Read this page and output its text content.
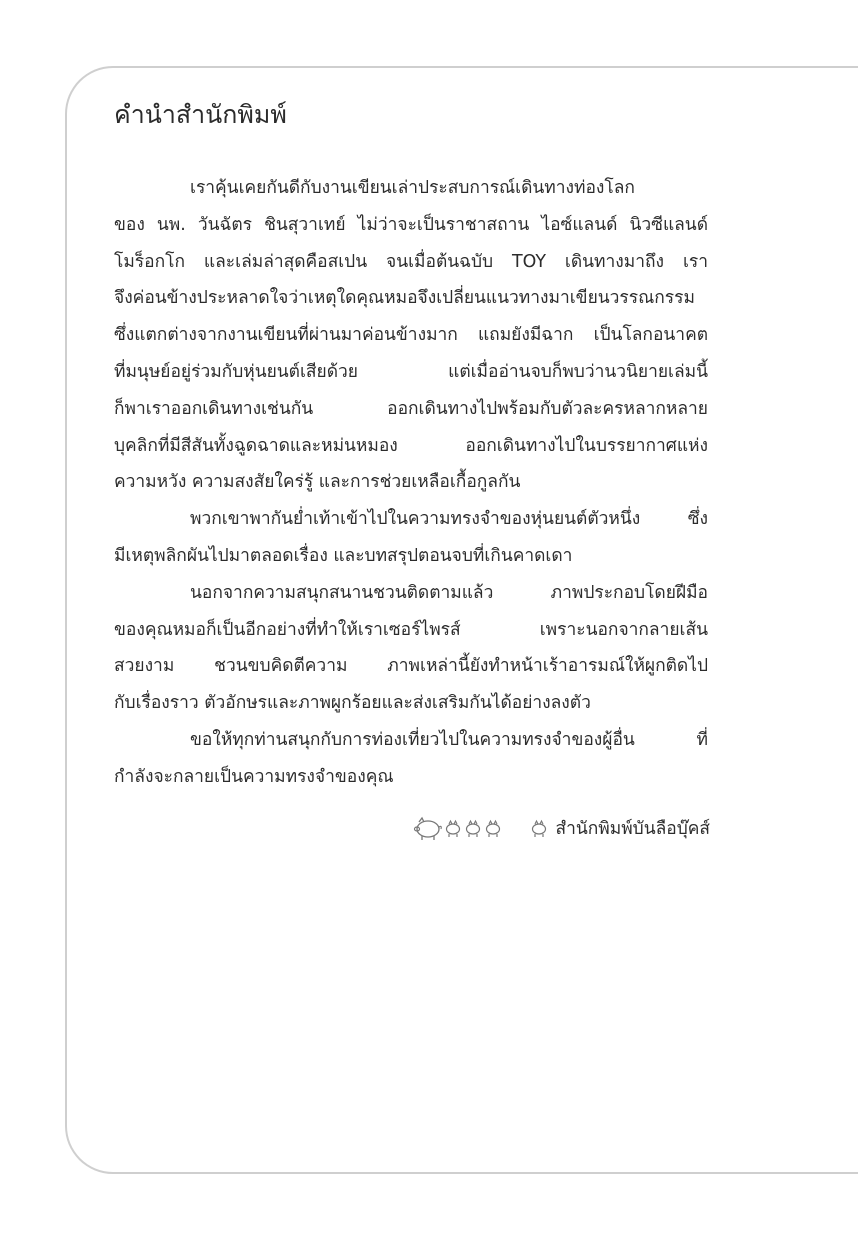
คำนำสำนักพิมพ์
เราคุ้นเคยกันดีกับงานเขียนเล่าประสบการณ์เดินทางท่องโลก
ของ นพ. วันฉัตร ชินสุวาเทย์ ไม่ว่าจะเป็นราชาสถาน ไอซ์แลนด์ นิวซีแลนด์
โมร็อกโก และเล่มล่าสุดคือสเปน จนเมื่อต้นฉบับ TOY เดินทางมาถึง เรา
จึงค่อนข้างประหลาดใจว่าเหตุใดคุณหมอจึงเปลี่ยนแนวทางมาเขียนวรรณกรรม
ซึ่งแตกต่างจากงานเขียนที่ผ่านมาค่อนข้างมาก แถมยังมีฉาก เป็นโลกอนาคต
ที่มนุษย์อยู่ร่วมกับหุ่นยนต์เสียด้วย แต่เมื่ออ่านจบก็พบว่านวนิยายเล่มนี้
ก็พาเราออกเดินทางเช่นกัน ออกเดินทางไปพร้อมกับตัวละครหลากหลาย
บุคลิกที่มีสีสันทั้งฉูดฉาดและหม่นหมอง ออกเดินทางไปในบรรยากาศแห่ง
ความหวัง ความสงสัยใคร่รู้ และการช่วยเหลือเกื้อกูลกัน
พวกเขาพากันย่ำเท้าเข้าไปในความทรงจำของหุ่นยนต์ตัวหนึ่ง ซึ่ง
มีเหตุพลิกผันไปมาตลอดเรื่อง และบทสรุปตอนจบที่เกินคาดเดา
นอกจากความสนุกสนานชวนติดตามแล้ว ภาพประกอบโดยฝีมือ
ของคุณหมอก็เป็นอีกอย่างที่ทำให้เราเซอร์ไพรส์ เพราะนอกจากลายเส้น
สวยงาม ชวนขบคิดตีความ ภาพเหล่านี้ยังทำหน้าเร้าอารมณ์ให้ผูกติดไป
กับเรื่องราว ตัวอักษรและภาพผูกร้อยและส่งเสริมกันได้อย่างลงตัว
ขอให้ทุกท่านสนุกกับการท่องเที่ยวไปในความทรงจำของผู้อื่น ที่
กำลังจะกลายเป็นความทรงจำของคุณ
สำนักพิมพ์บันลือบุ๊คส์
